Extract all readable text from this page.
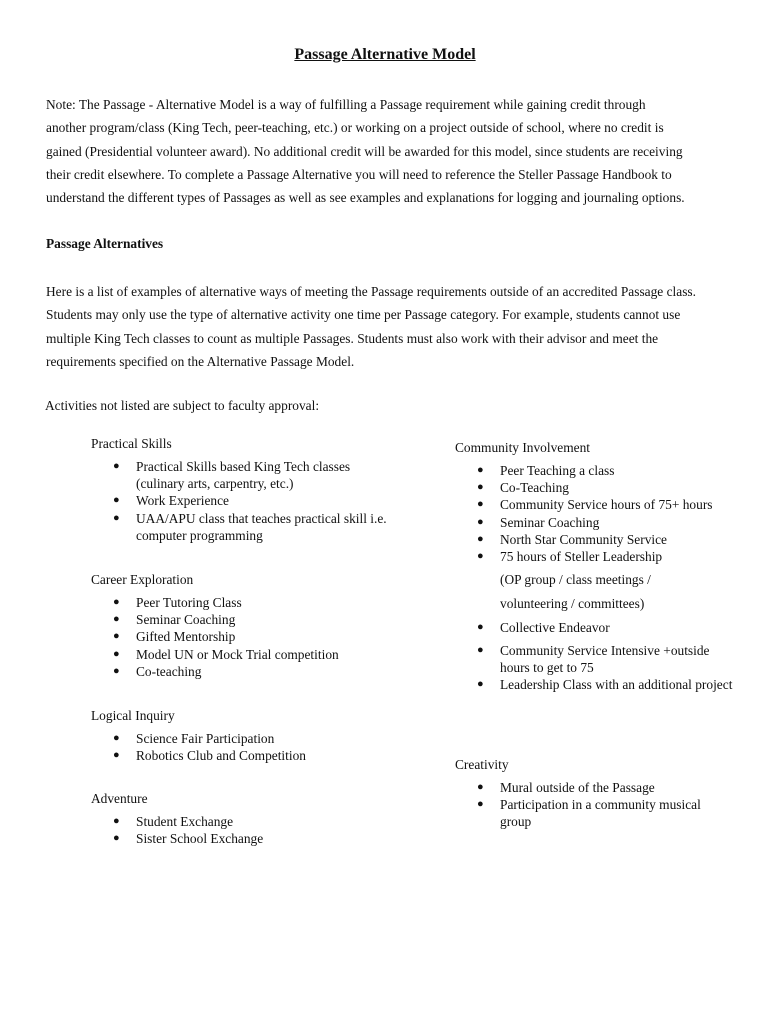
Passage Alternative Model
Note: The Passage - Alternative Model is a way of fulfilling a Passage requirement while gaining credit through
another program/class (King Tech, peer-teaching, etc.) or working on a project outside of school, where no credit is
gained (Presidential volunteer award). No additional credit will be awarded for this model, since students are receiving
their credit elsewhere. To complete a Passage Alternative you will need to reference the Steller Passage Handbook to
understand the different types of Passages as well as see examples and explanations for logging and journaling options.
Passage Alternatives
Here is a list of examples of alternative ways of meeting the Passage requirements outside of an accredited Passage class.
Students may only use the type of alternative activity one time per Passage category. For example, students cannot use
multiple King Tech classes to count as multiple Passages. Students must also work with their advisor and meet the
requirements specified on the Alternative Passage Model.

Activities not listed are subject to faculty approval:

Practical Skills

● Practical Skills based King Tech classes (culinary arts, carpentry, etc.)
● Work Experience
● UAA/APU class that teaches practical skill i.e. computer programming

Career Exploration

● Peer Tutoring Class
● Seminar Coaching
● Gifted Mentorship
● Model UN or Mock Trial competition
● Co-teaching

Logical Inquiry

● Science Fair Participation
● Robotics Club and Competition

Adventure

● Student Exchange
● Sister School Exchange

Community Involvement

● Peer Teaching a class
● Co-Teaching
● Community Service hours of 75+ hours
● Seminar Coaching
● North Star Community Service
● 75 hours of Steller Leadership
(OP group / class meetings /
volunteering / committees)
● Collective Endeavor
● Community Service Intensive +outside hours to get to 75
● Leadership Class with an additional project

Creativity

● Mural outside of the Passage
● Participation in a community musical group
